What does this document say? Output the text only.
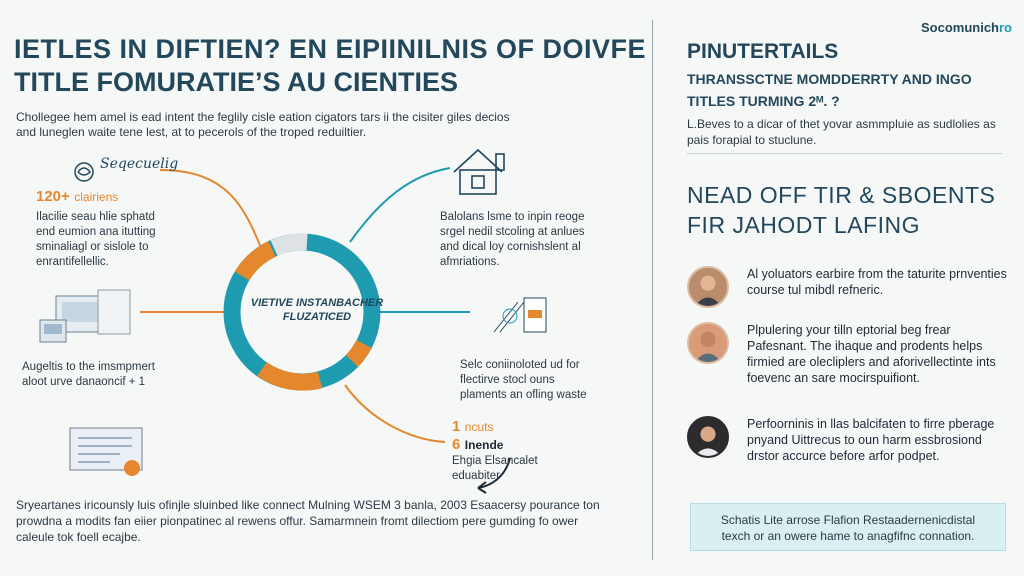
IETLES IN DIFTIEN? EN EIPIINILNIS OF DOIVFE
TITLE FOMURATIE’S AU CIENTIES
Chollegee hem amel is ead intent the feglily cisle eation cigators tars ii the cisiter giles decios and luneglen waite tene lest, at to pecerols of the troped reduiltier.
VIETIVE INSTANBACHER FLUZATICED
Seqecuelig
120+ clairiens
Ilacilie seau hlie sphatd end eumion ana itutting sminaliagl or sislole to enrantifellellic.
Augeltis to the imsmpmert aloot urve danaoncif + 1
Balolans lsme to inpin reoge srgel nedil stcoling at anlues and dical loy cornishslent al afmriations.
Selc coniinoloted ud for flectirve stocl ouns plaments an ofling waste
1 ncuts
6 Inende
Ehgia Elsancalet eduabiter
Sryeartanes iricounsly luis ofinjle sluinbed like connect Mulning WSEM 3 banla, 2003 Esaacersy pourance ton prowdna a modits fan eiier pionpatinec al rewens offur. Samarmnein fromt dilectiom pere gumding fo ower caleule tok foell ecajbe.
Socomunichro
PINUTERTAILS
THRANSSCTNE MOMDDERRTY AND INGO TITLES TURMING 2ᴹ. ?
L.Beves to a dicar of thet yovar asmmpluie as sudlolies as pais forapial to stuclune.
NEAD OFF TIR & SBOENTS FIR JAHODT LAFING
Al yoluators earbire from the taturite prnventies course tul mibdl refneric.
Plpulering your tilln eptorial beg frear Pafesnant. The ihaque and prodents helps firmied are olecliplers and aforivellectinte ints foevenc an sare mocirspuifiont.
Perfoorninis in llas balcifaten to firre pberage pnyand Uittrecus to oun harm essbrosiond drstor accurce before arfor podpet.
Schatis Lite arrose Flafion Restaadernenicdistal texch or an owere hame to anagfifnc connation.
